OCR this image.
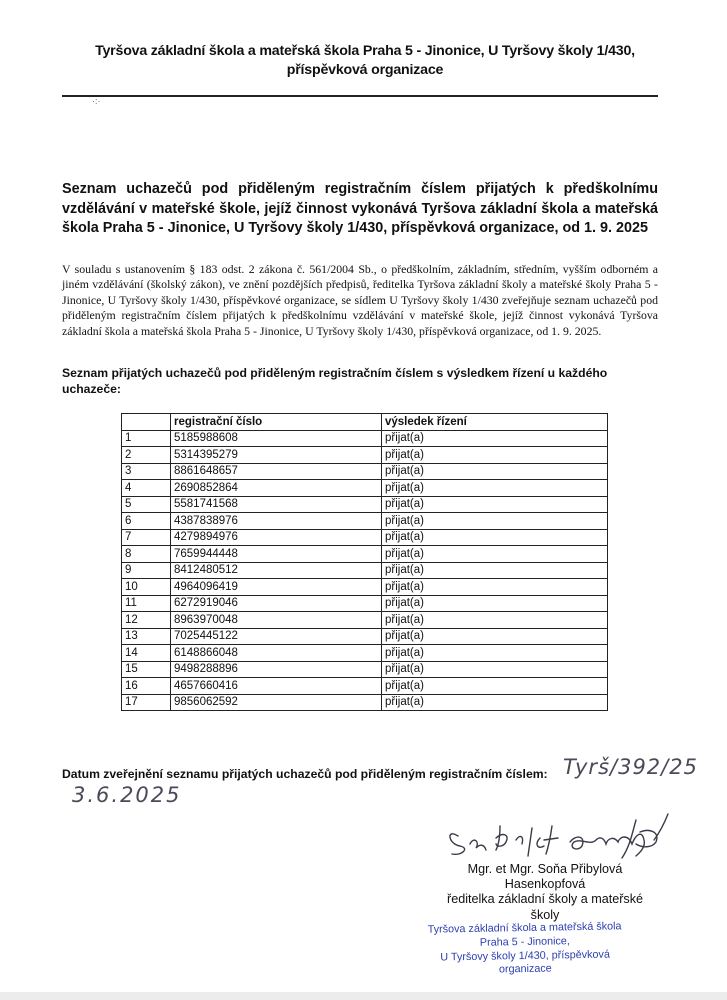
Tyršova základní škola a mateřská škola Praha 5 - Jinonice, U Tyršovy školy 1/430,
příspěvková organizace
·:·
Seznam uchazečů pod přiděleným registračním číslem přijatých k předškolnímu vzdělávání v mateřské škole, jejíž činnost vykonává Tyršova základní škola a mateřská škola Praha 5 - Jinonice, U Tyršovy školy 1/430, příspěvková organizace, od 1. 9. 2025
V souladu s ustanovením § 183 odst. 2 zákona č. 561/2004 Sb., o předškolním, základním, středním, vyšším odborném a jiném vzdělávání (školský zákon), ve znění pozdějších předpisů, ředitelka Tyršova základní školy a mateřské školy Praha 5 - Jinonice, U Tyršovy školy 1/430, příspěvkové organizace, se sídlem U Tyršovy školy 1/430 zveřejňuje seznam uchazečů pod přiděleným registračním číslem přijatých k předškolnímu vzdělávání v mateřské škole, jejíž činnost vykonává Tyršova základní škola a mateřská škola Praha 5 - Jinonice, U Tyršovy školy 1/430, příspěvková organizace, od 1. 9. 2025.
Seznam přijatých uchazečů pod přiděleným registračním číslem s výsledkem řízení u každého uchazeče:
	registrační číslo	výsledek řízení
1	5185988608	přijat(a)
2	5314395279	přijat(a)
3	8861648657	přijat(a)
4	2690852864	přijat(a)
5	5581741568	přijat(a)
6	4387838976	přijat(a)
7	4279894976	přijat(a)
8	7659944448	přijat(a)
9	8412480512	přijat(a)
10	4964096419	přijat(a)
11	6272919046	přijat(a)
12	8963970048	přijat(a)
13	7025445122	přijat(a)
14	6148866048	přijat(a)
15	9498288896	přijat(a)
16	4657660416	přijat(a)
17	9856062592	přijat(a)
Datum zveřejnění seznamu přijatých uchazečů pod přiděleným registračním číslem: Tyrš/392/25
3.6.2025
Mgr. et Mgr. Soňa Přibylová
Hasenkopfová
ředitelka základní školy a mateřské
školy
Tyršova základní škola a mateřská škola
Praha 5 - Jinonice,
U Tyršovy školy 1/430, příspěvková organizace
